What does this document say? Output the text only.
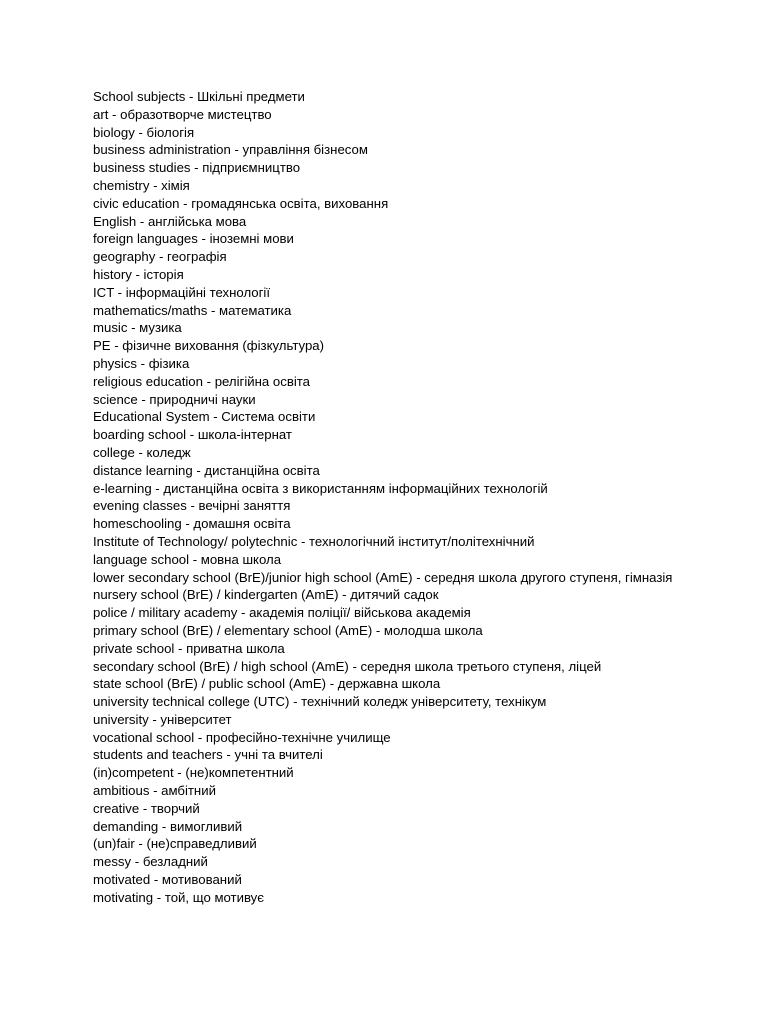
School subjects - Шкільні предмети
art - образотворче мистецтво
biology - біологія
business administration - управління бізнесом
business studies - підприємництво
chemistry - хімія
civic education - громадянська освіта, виховання
English - англійська мова
foreign languages - іноземні мови
geography - географія
history - історія
ICT - інформаційні технології
mathematics/maths - математика
music - музика
PE - фізичне виховання (фізкультура)
physics - фізика
religious education - релігійна освіта
science - природничі науки
Educational System - Система освіти
boarding school - школа-інтернат
college - коледж
distance learning - дистанційна освіта
e-learning - дистанційна освіта з використанням інформаційних технологій
evening classes - вечірні заняття
homeschooling - домашня освіта
Institute of Technology/ polytechnic - технологічний інститут/політехнічний
language school - мовна школа
lower secondary school (BrE)/junior high school (AmE) - середня школа другого ступеня, гімназія
nursery school (BrE) / kindergarten (AmE) - дитячий садок
police / military academy - академія поліції/ військова академія
primary school (BrE) / elementary school (AmE) - молодша школа
private school - приватна школа
secondary school (BrE) / high school (AmE) - середня школа третього ступеня, ліцей
state school (BrE) / public school (AmE) - державна школа
university technical college (UTC) - технічний коледж університету, технікум
university - університет
vocational school - професійно-технічне училище
students and teachers - учні та вчителі
(in)competent - (не)компетентний
ambitious - амбітний
creative - творчий
demanding - вимогливий
(un)fair - (не)справедливий
messy - безладний
motivated - мотивований
motivating - той, що мотивує
